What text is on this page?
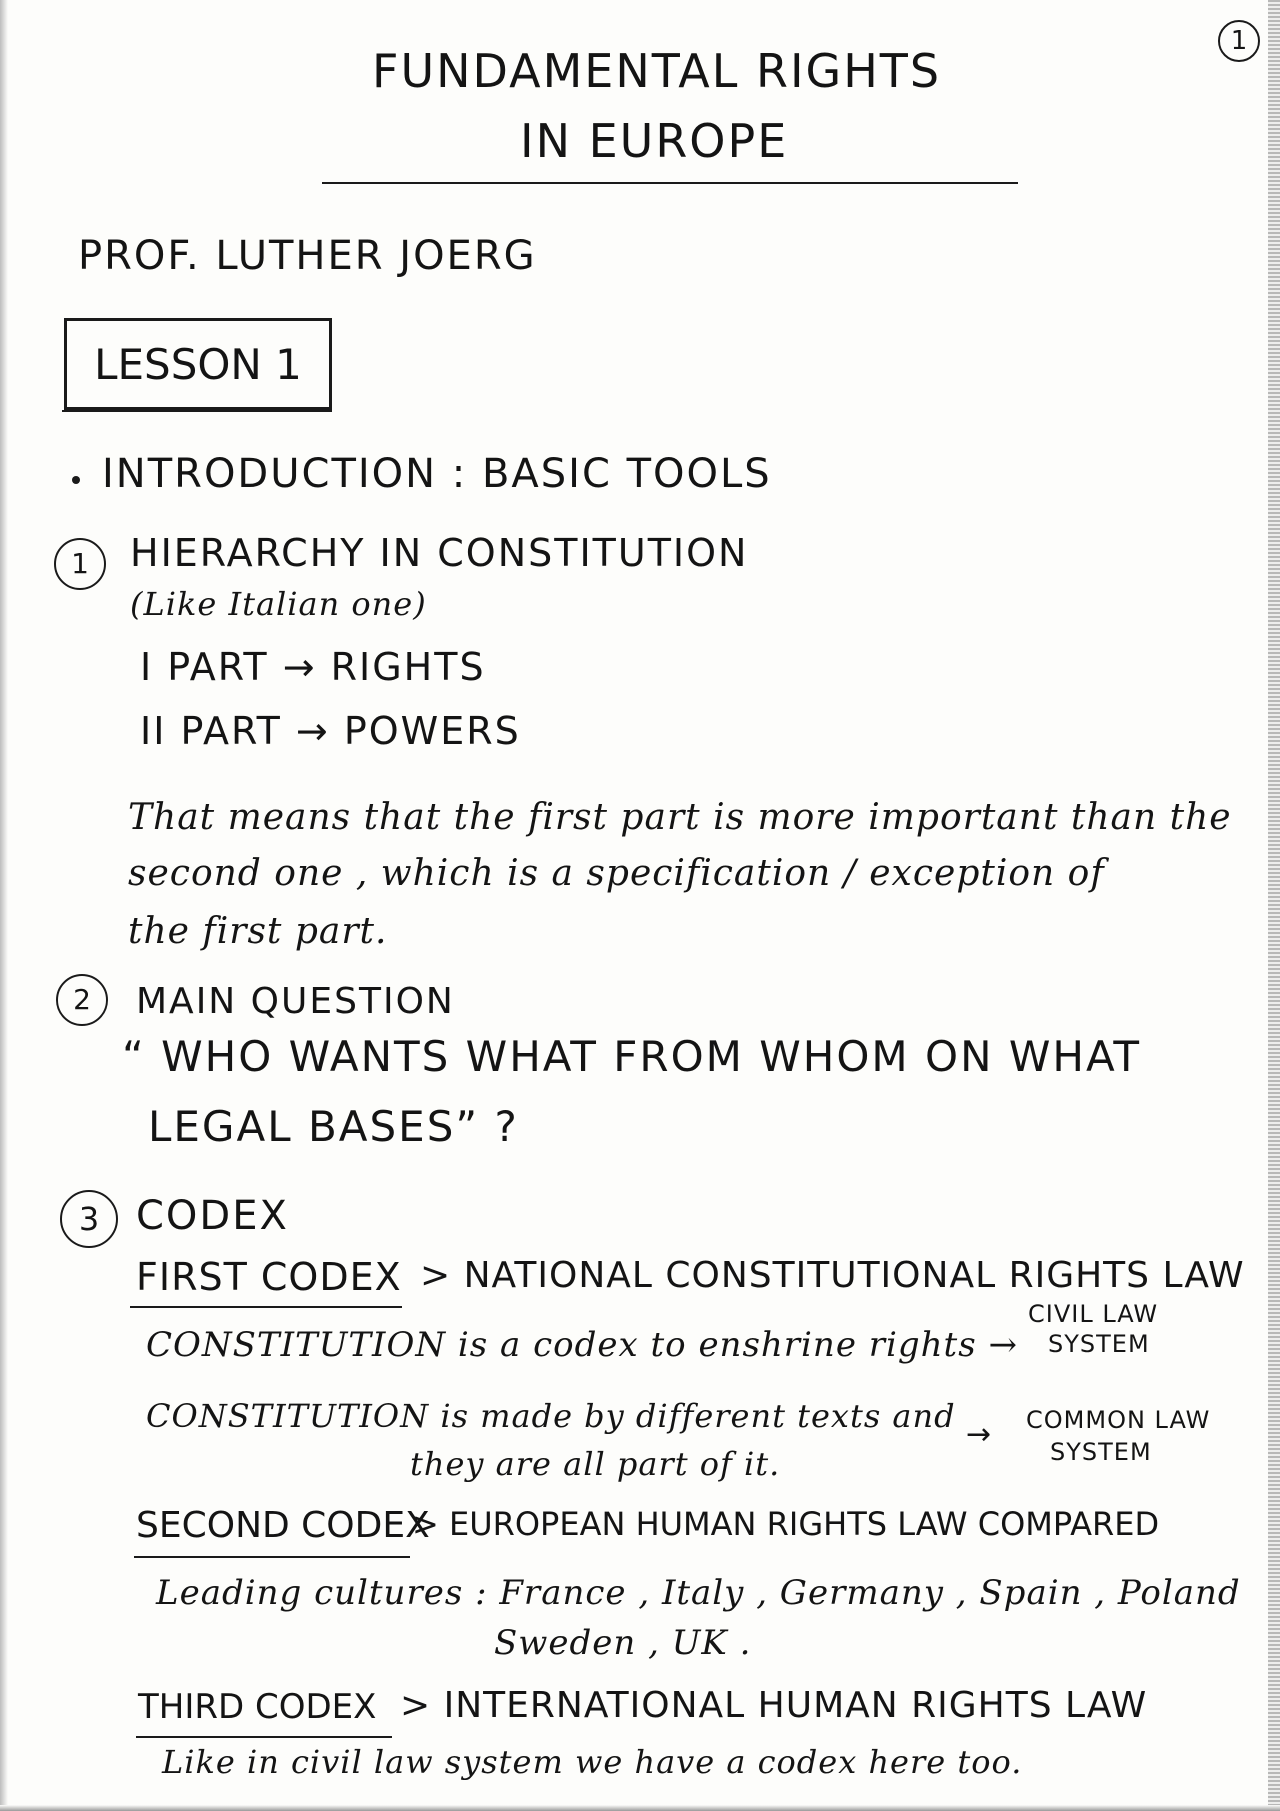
1
FUNDAMENTAL RIGHTS
IN EUROPE
PROF. LUTHER JOERG
LESSON 1
INTRODUCTION : BASIC TOOLS
1 HIERARCHY IN CONSTITUTION
(Like Italian one)
I PART → RIGHTS
II PART → POWERS
That means that the first part is more important than the
second one , which is a specification / exception of
the first part.
2 MAIN QUESTION
“ WHO WANTS WHAT FROM WHOM ON WHAT
LEGAL BASES” ?
3 CODEX
FIRST CODEX > NATIONAL CONSTITUTIONAL RIGHTS LAW
CONSTITUTION is a codex to enshrine rights →
CIVIL LAW
SYSTEM
CONSTITUTION is made by different texts and
they are all part of it.
→ COMMON LAW
SYSTEM
SECOND CODEX
> EUROPEAN HUMAN RIGHTS LAW COMPARED
Leading cultures : France , Italy , Germany , Spain , Poland
Sweden , UK .
THIRD CODEX > INTERNATIONAL HUMAN RIGHTS LAW
Like in civil law system we have a codex here too.
